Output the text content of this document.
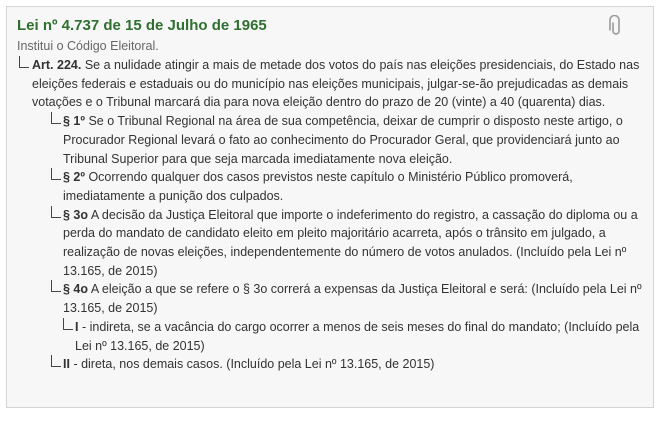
Lei nº 4.737 de 15 de Julho de 1965
Institui o Código Eleitoral.
Art. 224. Se a nulidade atingir a mais de metade dos votos do país nas eleições presidenciais, do Estado nas eleições federais e estaduais ou do município nas eleições municipais, julgar-se-ão prejudicadas as demais votações e o Tribunal marcará dia para nova eleição dentro do prazo de 20 (vinte) a 40 (quarenta) dias.
§ 1º Se o Tribunal Regional na área de sua competência, deixar de cumprir o disposto neste artigo, o Procurador Regional levará o fato ao conhecimento do Procurador Geral, que providenciará junto ao Tribunal Superior para que seja marcada imediatamente nova eleição.
§ 2º Ocorrendo qualquer dos casos previstos neste capítulo o Ministério Público promoverá, imediatamente a punição dos culpados.
§ 3o A decisão da Justiça Eleitoral que importe o indeferimento do registro, a cassação do diploma ou a perda do mandato de candidato eleito em pleito majoritário acarreta, após o trânsito em julgado, a realização de novas eleições, independentemente do número de votos anulados. (Incluído pela Lei nº 13.165, de 2015)
§ 4o A eleição a que se refere o § 3o correrá a expensas da Justiça Eleitoral e será: (Incluído pela Lei nº 13.165, de 2015)
I - indireta, se a vacância do cargo ocorrer a menos de seis meses do final do mandato; (Incluído pela Lei nº 13.165, de 2015)
II - direta, nos demais casos. (Incluído pela Lei nº 13.165, de 2015)
